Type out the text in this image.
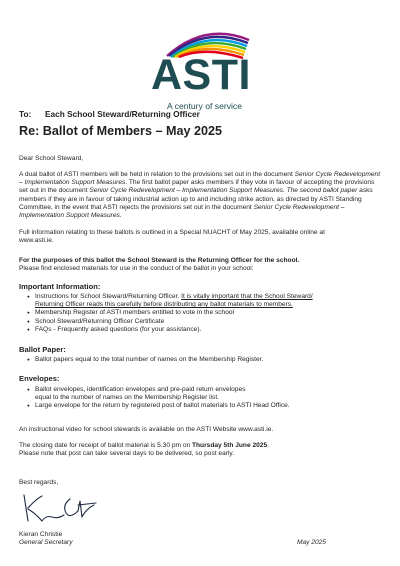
ASTI
A century of service
To: Each School Steward/Returning Officer
Re: Ballot of Members – May 2025
Dear School Steward,
A dual ballot of ASTI members will be held in relation to the provisions set out in the document Senior Cycle Redevelopment – Implementation Support Measures. The first ballot paper asks members if they vote in favour of accepting the provisions set out in the document Senior Cycle Redevelopment – Implementation Support Measures. The second ballot paper asks members if they are in favour of taking industrial action up to and including strike action, as directed by ASTI Standing Committee, in the event that ASTI rejects the provisions set out in the document Senior Cycle Redevelopment – Implementation Support Measures.
Full information relating to these ballots is outlined in a Special NUACHT of May 2025, available online at
www.asti.ie.
For the purposes of this ballot the School Steward is the Returning Officer for the school.
Please find enclosed materials for use in the conduct of the ballot in your school:
Important Information:
● Instructions for School Steward/Returning Officer. It is vitally important that the School Steward/
Returning Officer reads this carefully before distributing any ballot materials to members.
● Membership Register of ASTI members entitled to vote in the school
● School Steward/Returning Officer Certificate
● FAQs - Frequently asked questions (for your assistance).
Ballot Paper:
● Ballot papers equal to the total number of names on the Membership Register.
Envelopes:
● Ballot envelopes, identification envelopes and pre-paid return envelopes
equal to the number of names on the Membership Register list.
● Large envelope for the return by registered post of ballot materials to ASTI Head Office.
An instructional video for school stewards is available on the ASTI Website www.asti.ie.
The closing date for receipt of ballot material is 5.30 pm on Thursday 5th June 2025.
Please note that post can take several days to be delivered, so post early.
Best regards,
Kieran Christie
General Secretary	May 2025
